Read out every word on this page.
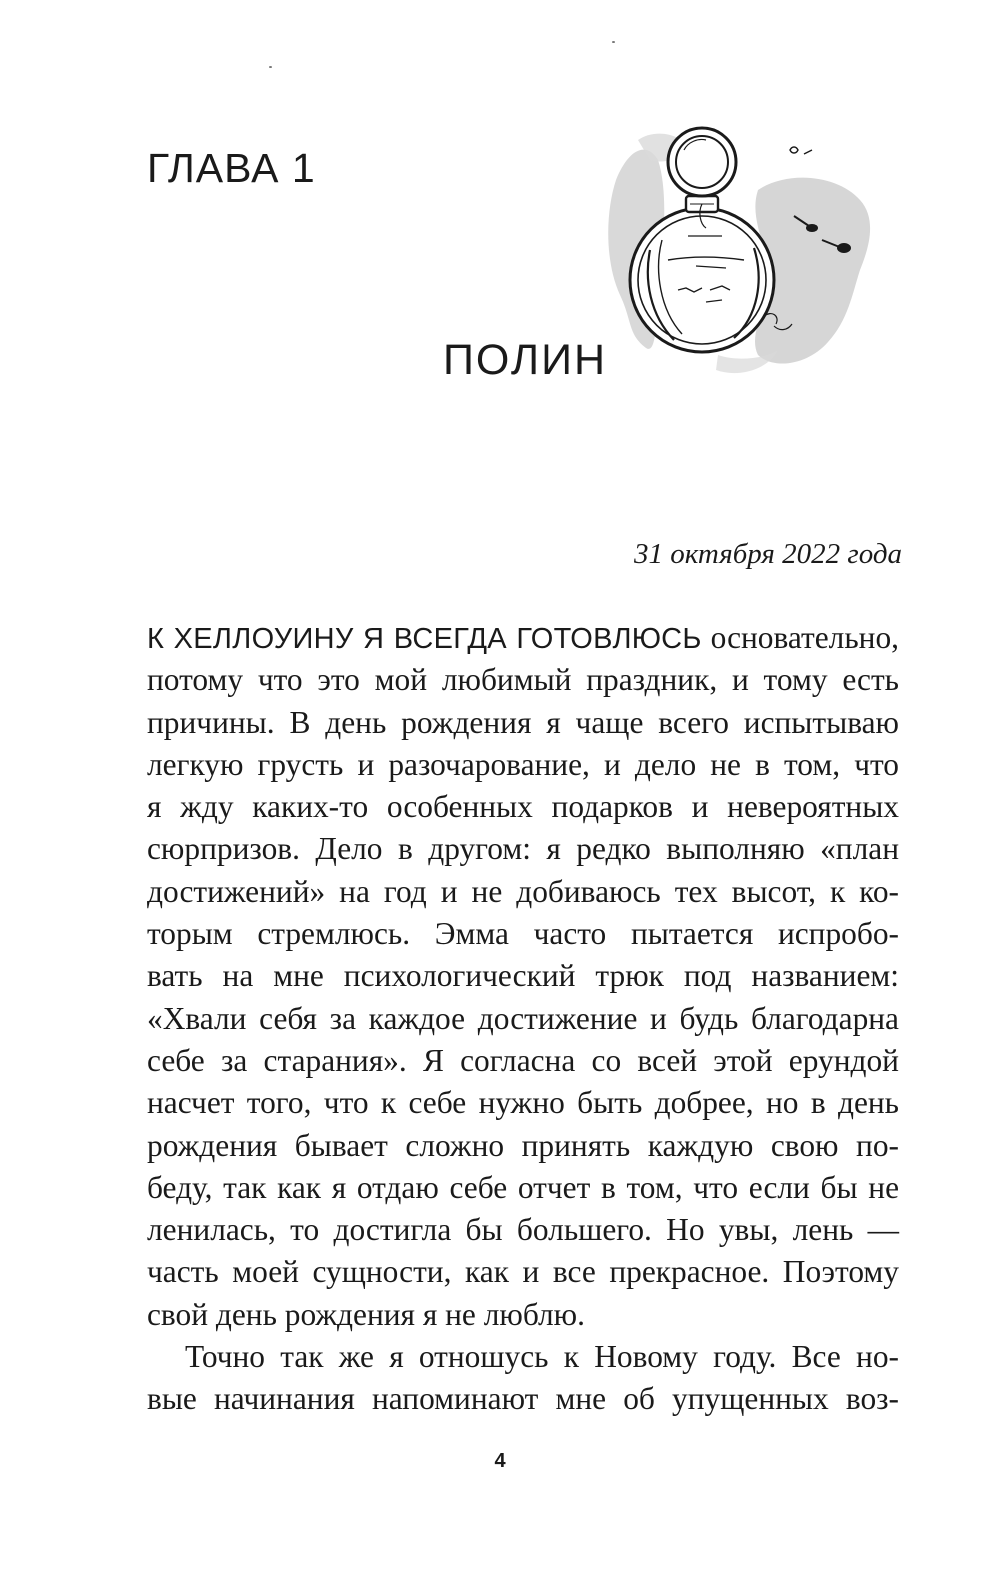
ГЛАВА 1
ПОЛИН
31 октября 2022 года
К ХЕЛЛОУИНУ Я ВСЕГДА ГОТОВЛЮСЬ основательно,
потому что это мой любимый праздник, и тому есть
причины. В день рождения я чаще всего испытываю
легкую грусть и разочарование, и дело не в том, что
я жду каких-то особенных подарков и невероятных
сюрпризов. Дело в другом: я редко выполняю «план
достижений» на год и не добиваюсь тех высот, к ко-
торым стремлюсь. Эмма часто пытается испробо-
вать на мне психологический трюк под названием:
«Хвали себя за каждое достижение и будь благодарна
себе за старания». Я согласна со всей этой ерундой
насчет того, что к себе нужно быть добрее, но в день
рождения бывает сложно принять каждую свою по-
беду, так как я отдаю себе отчет в том, что если бы не
ленилась, то достигла бы большего. Но увы, лень —
часть моей сущности, как и все прекрасное. Поэтому
свой день рождения я не люблю.
Точно так же я отношусь к Новому году. Все но-
вые начинания напоминают мне об упущенных воз-
4
